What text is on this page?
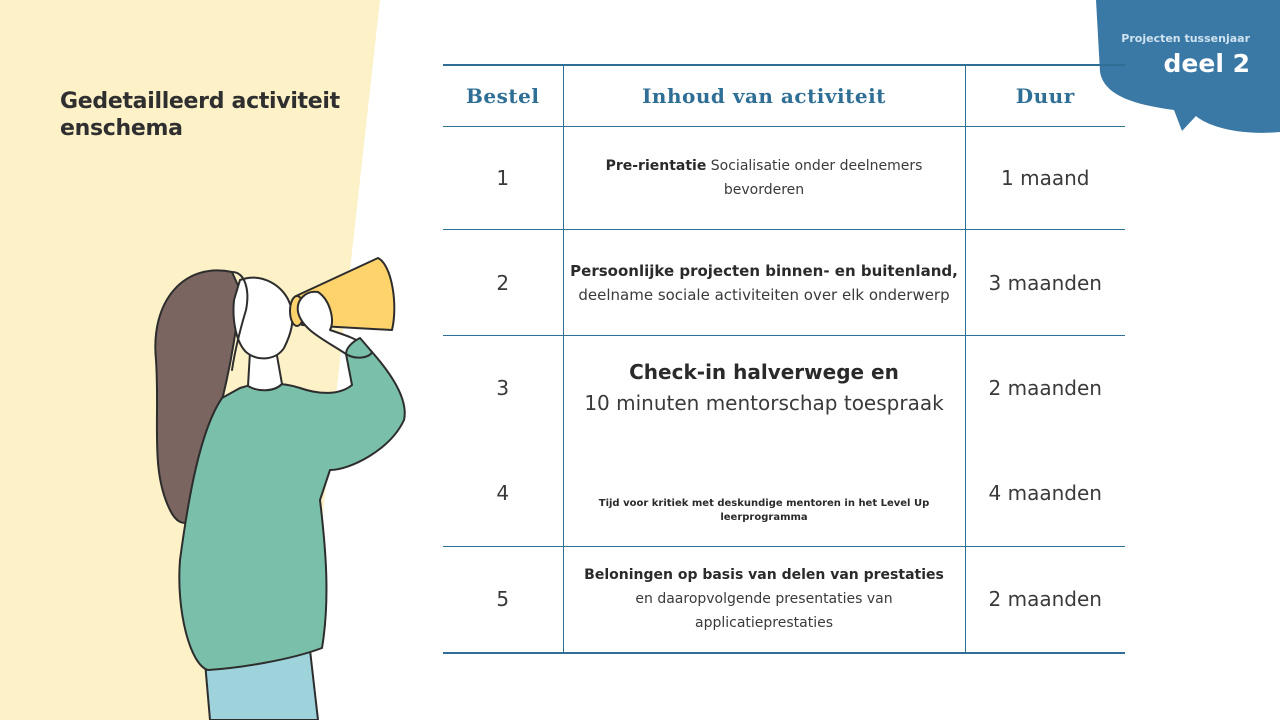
Gedetailleerd activiteit enschema
Projecten tussenjaar
deel 2
Bestel	Inhoud van activiteit	Duur
1	Pre-rientatie Socialisatie onder deelnemers bevorderen	1 maand
2	Persoonlijke projecten binnen- en buitenland,
deelname sociale activiteiten over elk onderwerp	3 maanden
3	Check-in halverwege en
10 minuten mentorschap toespraak	2 maanden
4	Tijd voor kritiek met deskundige mentoren in het Level Up leerprogramma	4 maanden
5	Beloningen op basis van delen van prestaties
en daaropvolgende presentaties van applicatieprestaties	2 maanden
